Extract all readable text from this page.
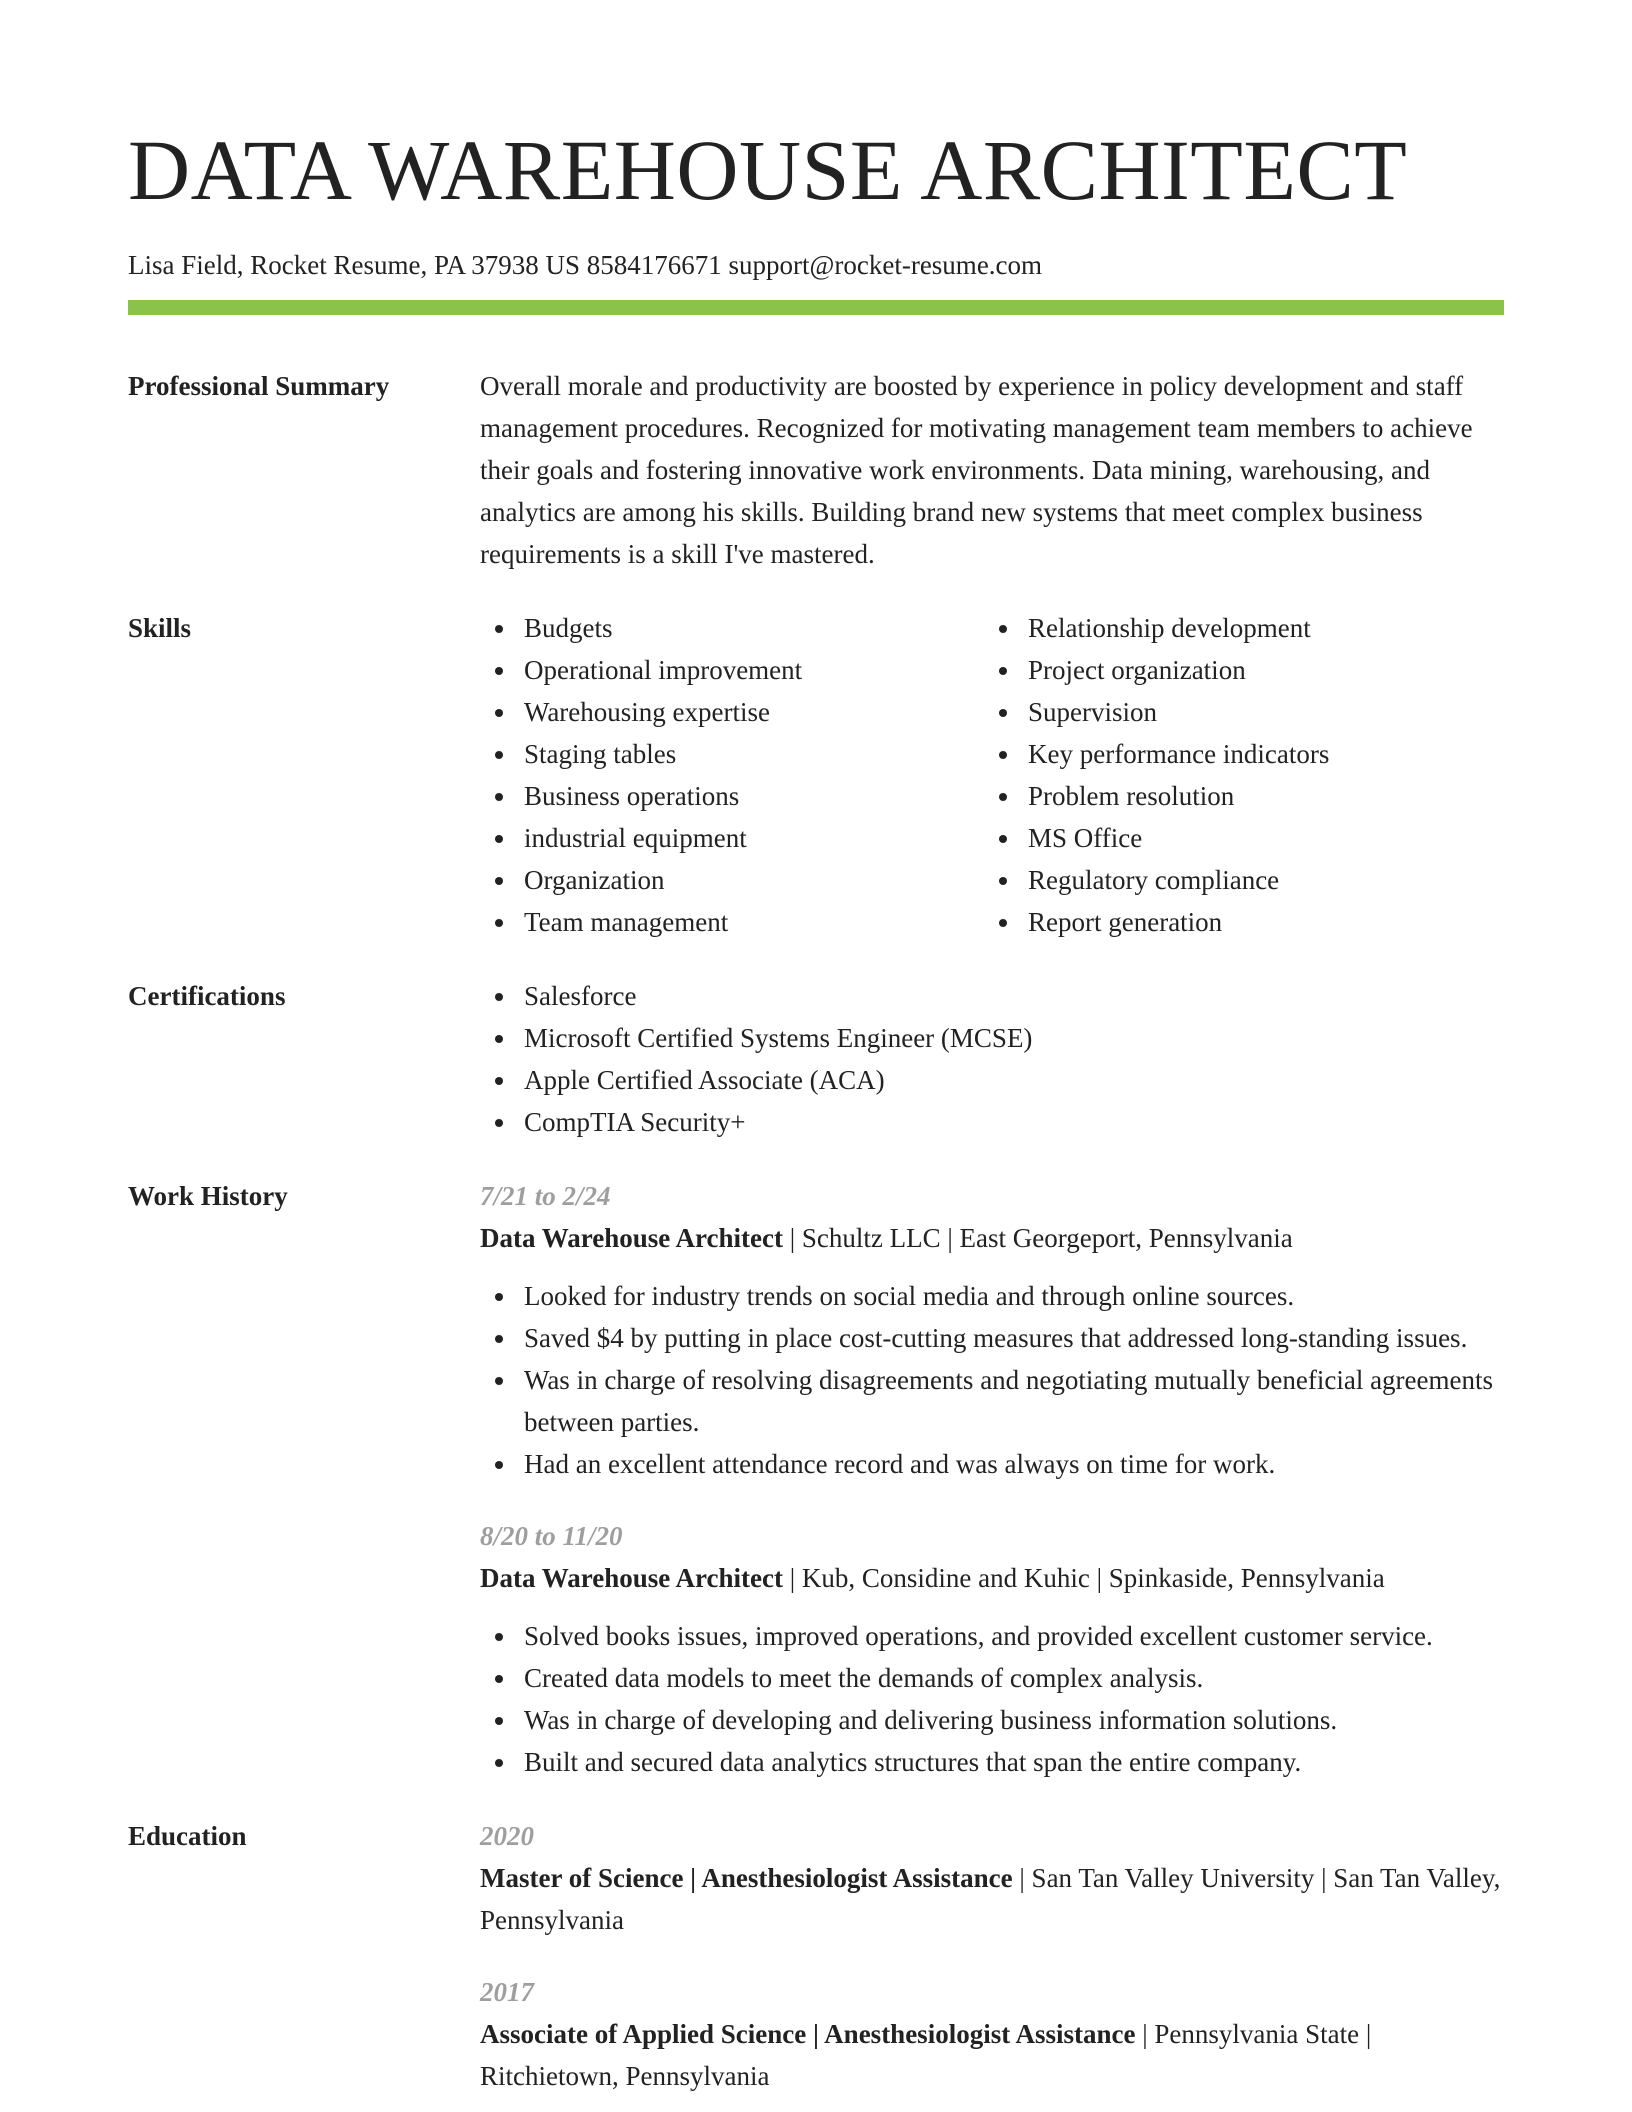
DATA WAREHOUSE ARCHITECT
Lisa Field, Rocket Resume, PA 37938 US 8584176671 support@rocket-resume.com
Professional Summary	Overall morale and productivity are boosted by experience in policy development and staff management procedures. Recognized for motivating management team members to achieve their goals and fostering innovative work environments. Data mining, warehousing, and analytics are among his skills. Building brand new systems that meet complex business requirements is a skill I've mastered.
Skills	Budgets
Operational improvement
Warehousing expertise
Staging tables
Business operations
industrial equipment
Organization
Team management
Relationship development
Project organization
Supervision
Key performance indicators
Problem resolution
MS Office
Regulatory compliance
Report generation
Certifications	Salesforce
Microsoft Certified Systems Engineer (MCSE)
Apple Certified Associate (ACA)
CompTIA Security+
Work History	7/21 to 2/24
Data Warehouse Architect | Schultz LLC | East Georgeport, Pennsylvania
Looked for industry trends on social media and through online sources.
Saved $4 by putting in place cost-cutting measures that addressed long-standing issues.
Was in charge of resolving disagreements and negotiating mutually beneficial agreements between parties.
Had an excellent attendance record and was always on time for work.
8/20 to 11/20
Data Warehouse Architect | Kub, Considine and Kuhic | Spinkaside, Pennsylvania
Solved books issues, improved operations, and provided excellent customer service.
Created data models to meet the demands of complex analysis.
Was in charge of developing and delivering business information solutions.
Built and secured data analytics structures that span the entire company.
Education	2020
Master of Science | Anesthesiologist Assistance | San Tan Valley University | San Tan Valley, Pennsylvania
2017
Associate of Applied Science | Anesthesiologist Assistance | Pennsylvania State | Ritchietown, Pennsylvania
